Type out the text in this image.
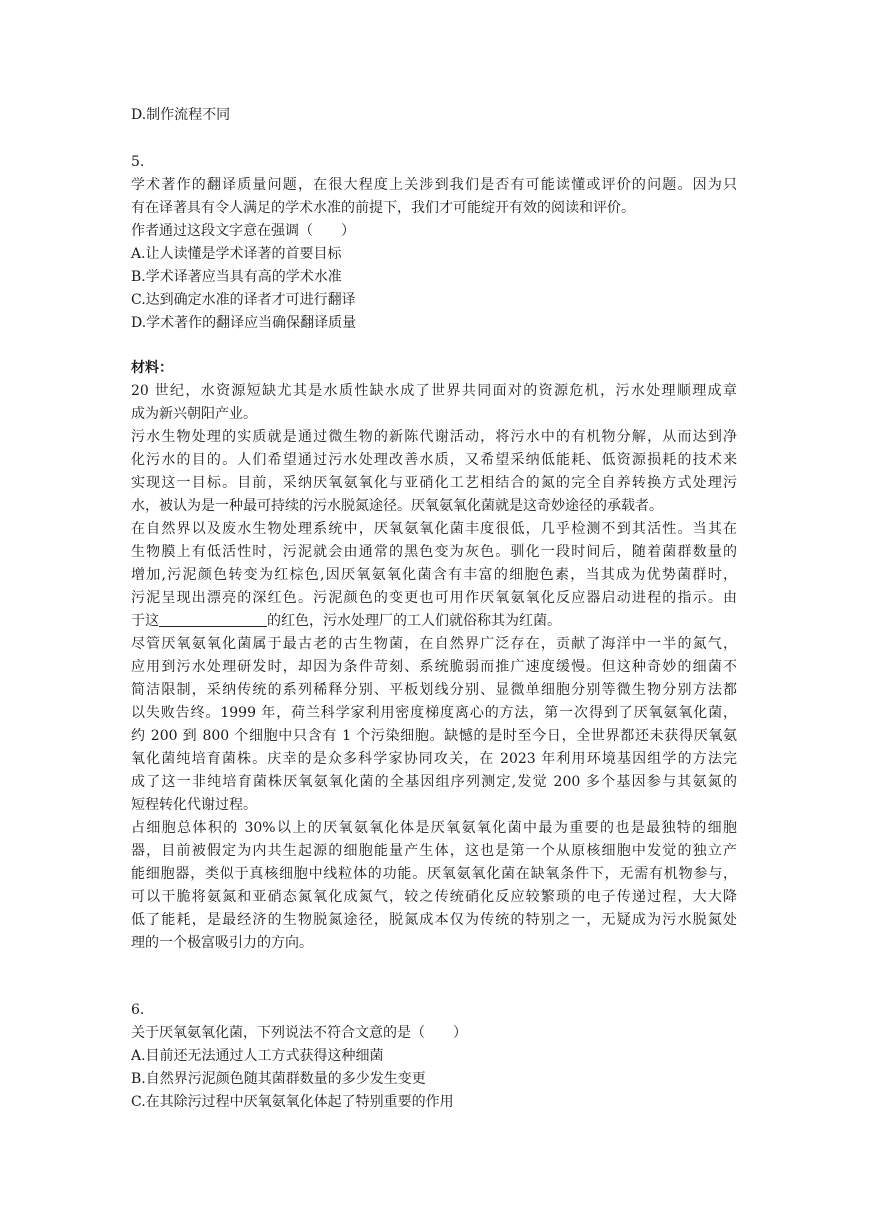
D.制作流程不同
5.
学术著作的翻译质量问题，在很大程度上关涉到我们是否有可能读懂或评价的问题。因为只
有在译著具有令人满足的学术水准的前提下，我们才可能绽开有效的阅读和评价。
作者通过这段文字意在强调（　　）
A.让人读懂是学术译著的首要目标
B.学术译著应当具有高的学术水准
C.达到确定水准的译者才可进行翻译
D.学术著作的翻译应当确保翻译质量
材料：
20 世纪，水资源短缺尤其是水质性缺水成了世界共同面对的资源危机，污水处理顺理成章
成为新兴朝阳产业。
污水生物处理的实质就是通过微生物的新陈代谢活动，将污水中的有机物分解，从而达到净
化污水的目的。人们希望通过污水处理改善水质，又希望采纳低能耗、低资源损耗的技术来
实现这一目标。目前，采纳厌氧氨氧化与亚硝化工艺相结合的氮的完全自养转换方式处理污
水，被认为是一种最可持续的污水脱氮途径。厌氧氨氧化菌就是这奇妙途径的承载者。
在自然界以及废水生物处理系统中，厌氧氨氧化菌丰度很低，几乎检测不到其活性。当其在
生物膜上有低活性时，污泥就会由通常的黑色变为灰色。驯化一段时间后，随着菌群数量的
增加,污泥颜色转变为红棕色,因厌氧氨氧化菌含有丰富的细胞色素，当其成为优势菌群时，
污泥呈现出漂亮的深红色。污泥颜色的变更也可用作厌氧氨氧化反应器启动进程的指示。由
于这	的红色，污水处理厂的工人们就俗称其为红菌。
尽管厌氧氨氧化菌属于最古老的古生物菌，在自然界广泛存在，贡献了海洋中一半的氮气，
应用到污水处理研发时，却因为条件苛刻、系统脆弱而推广速度缓慢。但这种奇妙的细菌不
简洁限制，采纳传统的系列稀释分别、平板划线分别、显微单细胞分别等微生物分别方法都
以失败告终。1999 年，荷兰科学家利用密度梯度离心的方法，第一次得到了厌氧氨氧化菌，
约 200 到 800 个细胞中只含有 1 个污染细胞。缺憾的是时至今日，全世界都还未获得厌氧氨
氧化菌纯培育菌株。庆幸的是众多科学家协同攻关，在 2023 年利用环境基因组学的方法完
成了这一非纯培育菌株厌氧氨氧化菌的全基因组序列测定,发觉 200 多个基因参与其氨氮的
短程转化代谢过程。
占细胞总体积的 30%以上的厌氧氨氧化体是厌氧氨氧化菌中最为重要的也是最独特的细胞
器，目前被假定为内共生起源的细胞能量产生体，这也是第一个从原核细胞中发觉的独立产
能细胞器，类似于真核细胞中线粒体的功能。厌氧氨氧化菌在缺氧条件下，无需有机物参与，
可以干脆将氨氮和亚硝态氮氧化成氮气，较之传统硝化反应较繁琐的电子传递过程，大大降
低了能耗，是最经济的生物脱氮途径，脱氮成本仅为传统的特别之一，无疑成为污水脱氮处
理的一个极富吸引力的方向。
6.
关于厌氧氨氧化菌，下列说法不符合文意的是（　　）
A.目前还无法通过人工方式获得这种细菌
B.自然界污泥颜色随其菌群数量的多少发生变更
C.在其除污过程中厌氧氨氧化体起了特别重要的作用
